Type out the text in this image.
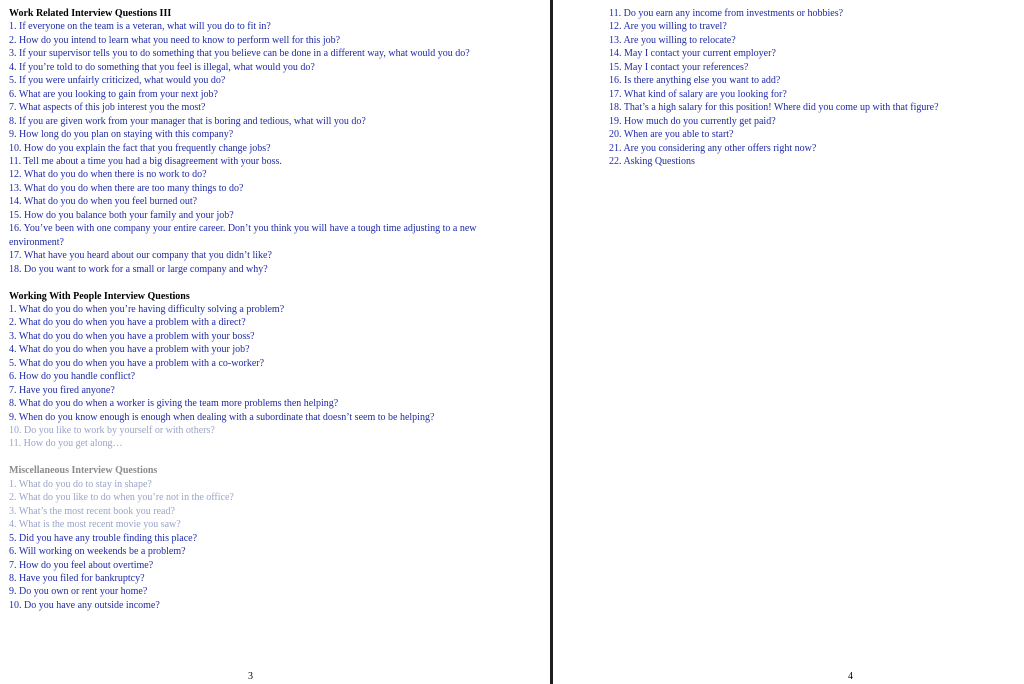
Work Related Interview Questions III
1. If everyone on the team is a veteran, what will you do to fit in?
2. How do you intend to learn what you need to know to perform well for this job?
3. If your supervisor tells you to do something that you believe can be done in a different way, what would you do?
4. If you’re told to do something that you feel is illegal, what would you do?
5. If you were unfairly criticized, what would you do?
6. What are you looking to gain from your next job?
7. What aspects of this job interest you the most?
8. If you are given work from your manager that is boring and tedious, what will you do?
9. How long do you plan on staying with this company?
10. How do you explain the fact that you frequently change jobs?
11. Tell me about a time you had a big disagreement with your boss.
12. What do you do when there is no work to do?
13. What do you do when there are too many things to do?
14. What do you do when you feel burned out?
15. How do you balance both your family and your job?
16. You’ve been with one company your entire career. Don’t you think you will have a tough time adjusting to a new environment?
17. What have you heard about our company that you didn’t like?
18. Do you want to work for a small or large company and why?
Working With People Interview Questions
1. What do you do when you’re having difficulty solving a problem?
2. What do you do when you have a problem with a direct?
3. What do you do when you have a problem with your boss?
4. What do you do when you have a problem with your job?
5. What do you do when you have a problem with a co-worker?
6. How do you handle conflict?
7. Have you fired anyone?
8. What do you do when a worker is giving the team more problems then helping?
9. When do you know enough is enough when dealing with a subordinate that doesn’t seem to be helping?
10. Do you like to work by yourself or with others?
11. How do you get along…
Miscellaneous Interview Questions
1. What do you do to stay in shape?
2. What do you like to do when you’re not in the office?
3. What’s the most recent book you read?
4. What is the most recent movie you saw?
5. Did you have any trouble finding this place?
6. Will working on weekends be a problem?
7. How do you feel about overtime?
8. Have you filed for bankruptcy?
9. Do you own or rent your home?
10. Do you have any outside income?
3
11. Do you earn any income from investments or hobbies?
12. Are you willing to travel?
13. Are you willing to relocate?
14. May I contact your current employer?
15. May I contact your references?
16. Is there anything else you want to add?
17. What kind of salary are you looking for?
18. That’s a high salary for this position! Where did you come up with that figure?
19. How much do you currently get paid?
20. When are you able to start?
21. Are you considering any other offers right now?
22. Asking Questions
4
